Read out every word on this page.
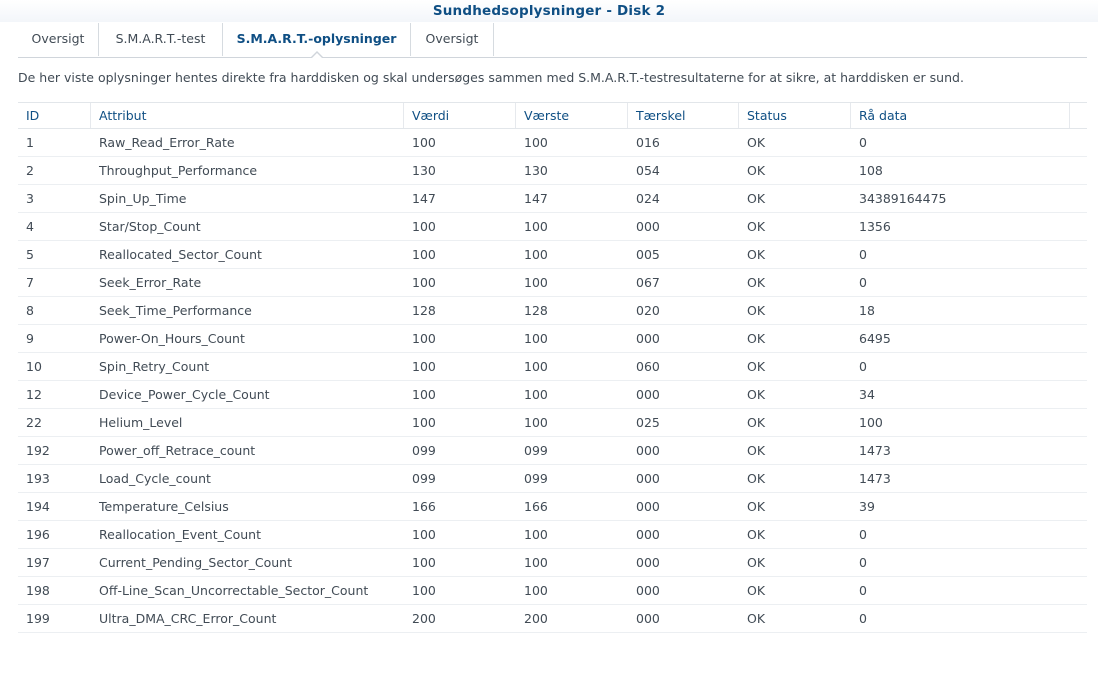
Sundhedsoplysninger - Disk 2
Oversigt	S.M.A.R.T.-test	S.M.A.R.T.-oplysninger	Oversigt
De her viste oplysninger hentes direkte fra harddisken og skal undersøges sammen med S.M.A.R.T.-testresultaterne for at sikre, at harddisken er sund.
ID	Attribut	Værdi	Værste	Tærskel	Status	Rå data
1	Raw_Read_Error_Rate	100	100	016	OK	0
2	Throughput_Performance	130	130	054	OK	108
3	Spin_Up_Time	147	147	024	OK	34389164475
4	Star/Stop_Count	100	100	000	OK	1356
5	Reallocated_Sector_Count	100	100	005	OK	0
7	Seek_Error_Rate	100	100	067	OK	0
8	Seek_Time_Performance	128	128	020	OK	18
9	Power-On_Hours_Count	100	100	000	OK	6495
10	Spin_Retry_Count	100	100	060	OK	0
12	Device_Power_Cycle_Count	100	100	000	OK	34
22	Helium_Level	100	100	025	OK	100
192	Power_off_Retrace_count	099	099	000	OK	1473
193	Load_Cycle_count	099	099	000	OK	1473
194	Temperature_Celsius	166	166	000	OK	39
196	Reallocation_Event_Count	100	100	000	OK	0
197	Current_Pending_Sector_Count	100	100	000	OK	0
198	Off-Line_Scan_Uncorrectable_Sector_Count	100	100	000	OK	0
199	Ultra_DMA_CRC_Error_Count	200	200	000	OK	0
